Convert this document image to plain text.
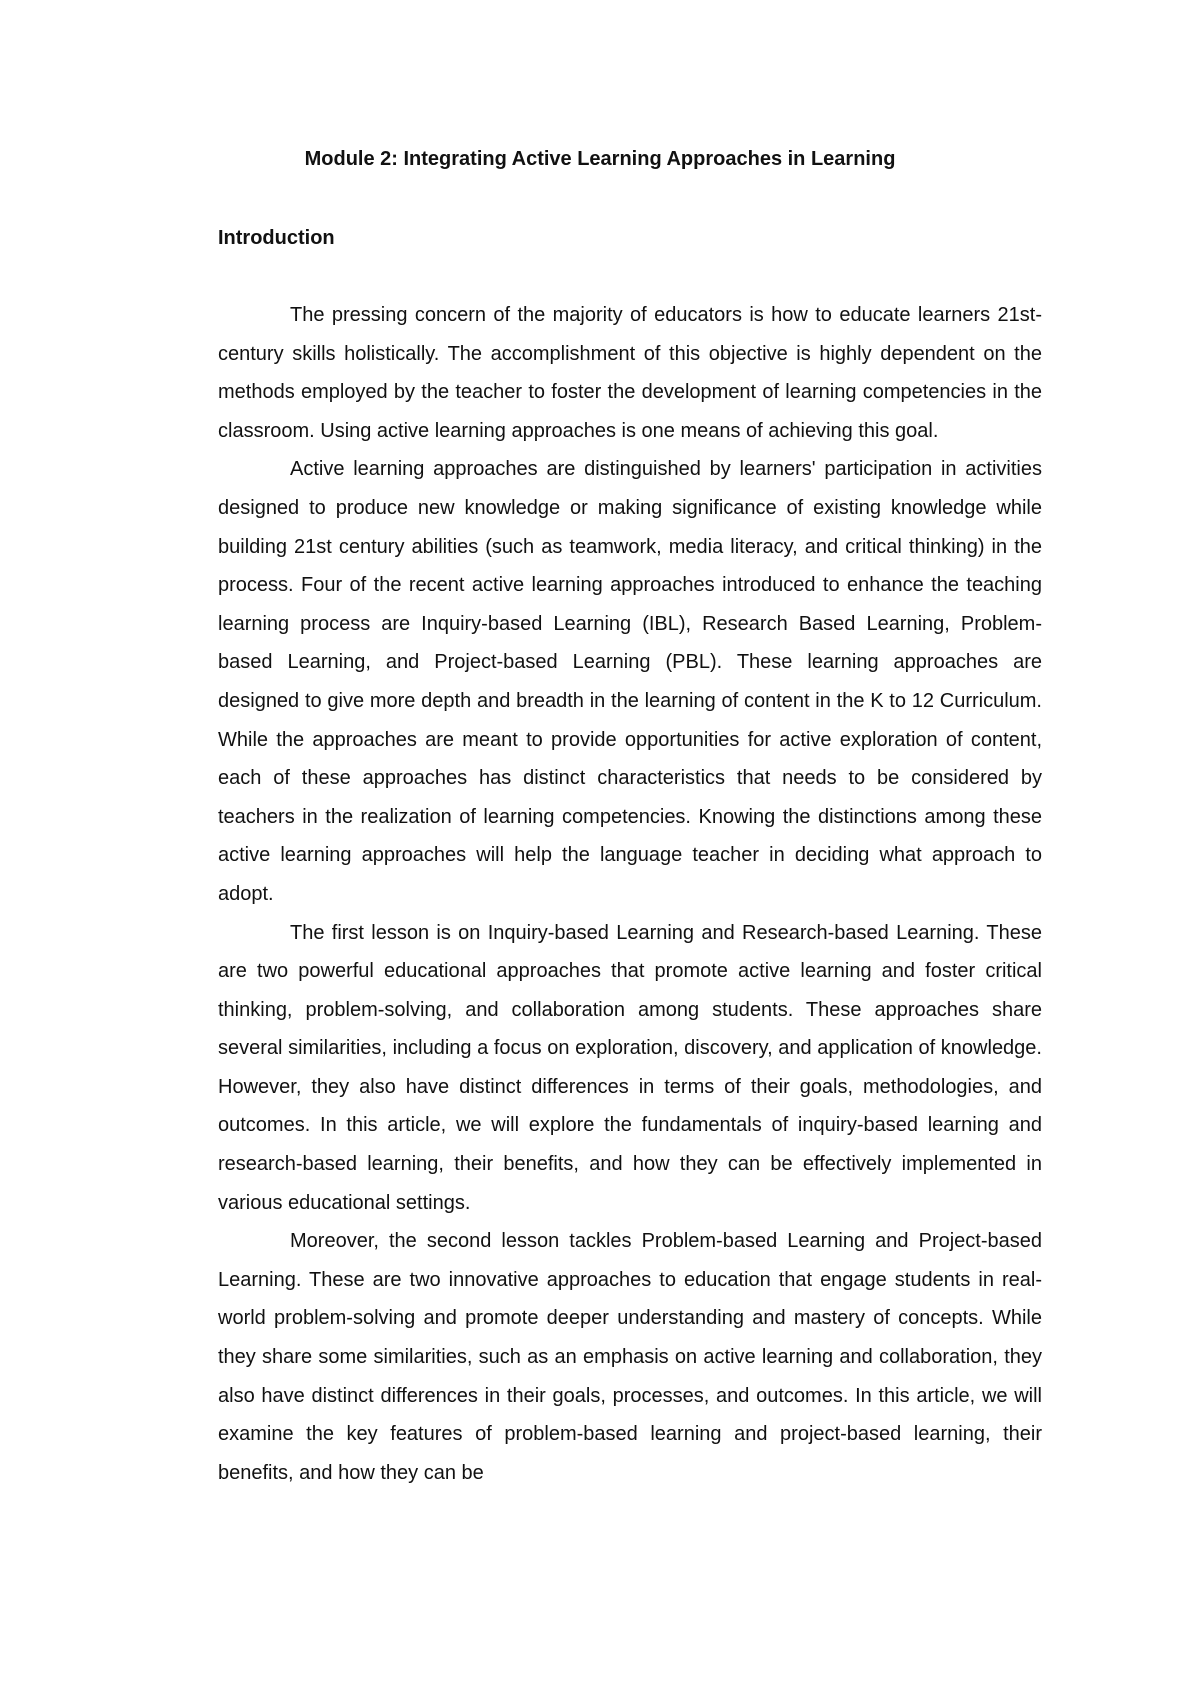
Module 2: Integrating Active Learning Approaches in Learning
Introduction

The pressing concern of the majority of educators is how to educate learners 21st-century skills holistically. The accomplishment of this objective is highly dependent on the methods employed by the teacher to foster the development of learning competencies in the classroom. Using active learning approaches is one means of achieving this goal.

Active learning approaches are distinguished by learners' participation in activities designed to produce new knowledge or making significance of existing knowledge while building 21st century abilities (such as teamwork, media literacy, and critical thinking) in the process. Four of the recent active learning approaches introduced to enhance the teaching learning process are Inquiry-based Learning (IBL), Research Based Learning, Problem- based Learning, and Project-based Learning (PBL). These learning approaches are designed to give more depth and breadth in the learning of content in the K to 12 Curriculum. While the approaches are meant to provide opportunities for active exploration of content, each of these approaches has distinct characteristics that needs to be considered by teachers in the realization of learning competencies. Knowing the distinctions among these active learning approaches will help the language teacher in deciding what approach to adopt.

The first lesson is on Inquiry-based Learning and Research-based Learning. These are two powerful educational approaches that promote active learning and foster critical thinking, problem-solving, and collaboration among students. These approaches share several similarities, including a focus on exploration, discovery, and application of knowledge. However, they also have distinct differences in terms of their goals, methodologies, and outcomes. In this article, we will explore the fundamentals of inquiry-based learning and research-based learning, their benefits, and how they can be effectively implemented in various educational settings.

Moreover, the second lesson tackles Problem-based Learning and Project-based Learning. These are two innovative approaches to education that engage students in real-world problem-solving and promote deeper understanding and mastery of concepts. While they share some similarities, such as an emphasis on active learning and collaboration, they also have distinct differences in their goals, processes, and outcomes. In this article, we will examine the key features of problem-based learning and project-based learning, their benefits, and how they can be
